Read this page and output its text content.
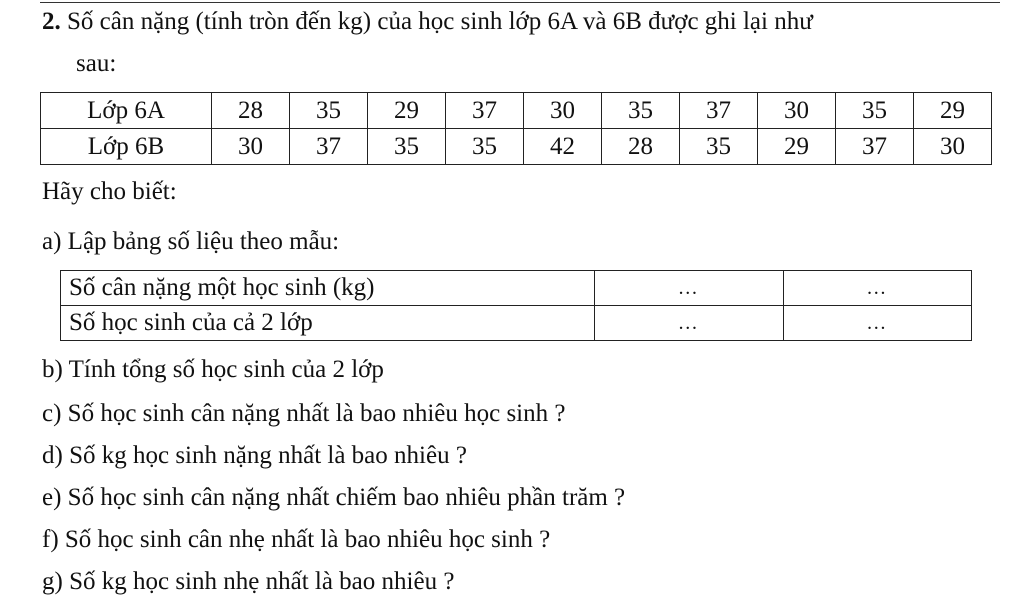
2. Số cân nặng (tính tròn đến kg) của học sinh lớp 6A và 6B được ghi lại như
sau:
Lớp 6A	28	35	29	37	30	35	37	30	35	29
Lớp 6B	30	37	35	35	42	28	35	29	37	30
Hãy cho biết:
a) Lập bảng số liệu theo mẫu:
Số cân nặng một học sinh (kg)	…	…
Số học sinh của cả 2 lớp	…	…
b) Tính tổng số học sinh của 2 lớp
c) Số học sinh cân nặng nhất là bao nhiêu học sinh ?
d) Số kg học sinh nặng nhất là bao nhiêu ?
e) Số học sinh cân nặng nhất chiếm bao nhiêu phần trăm ?
f) Số học sinh cân nhẹ nhất là bao nhiêu học sinh ?
g) Số kg học sinh nhẹ nhất là bao nhiêu ?
